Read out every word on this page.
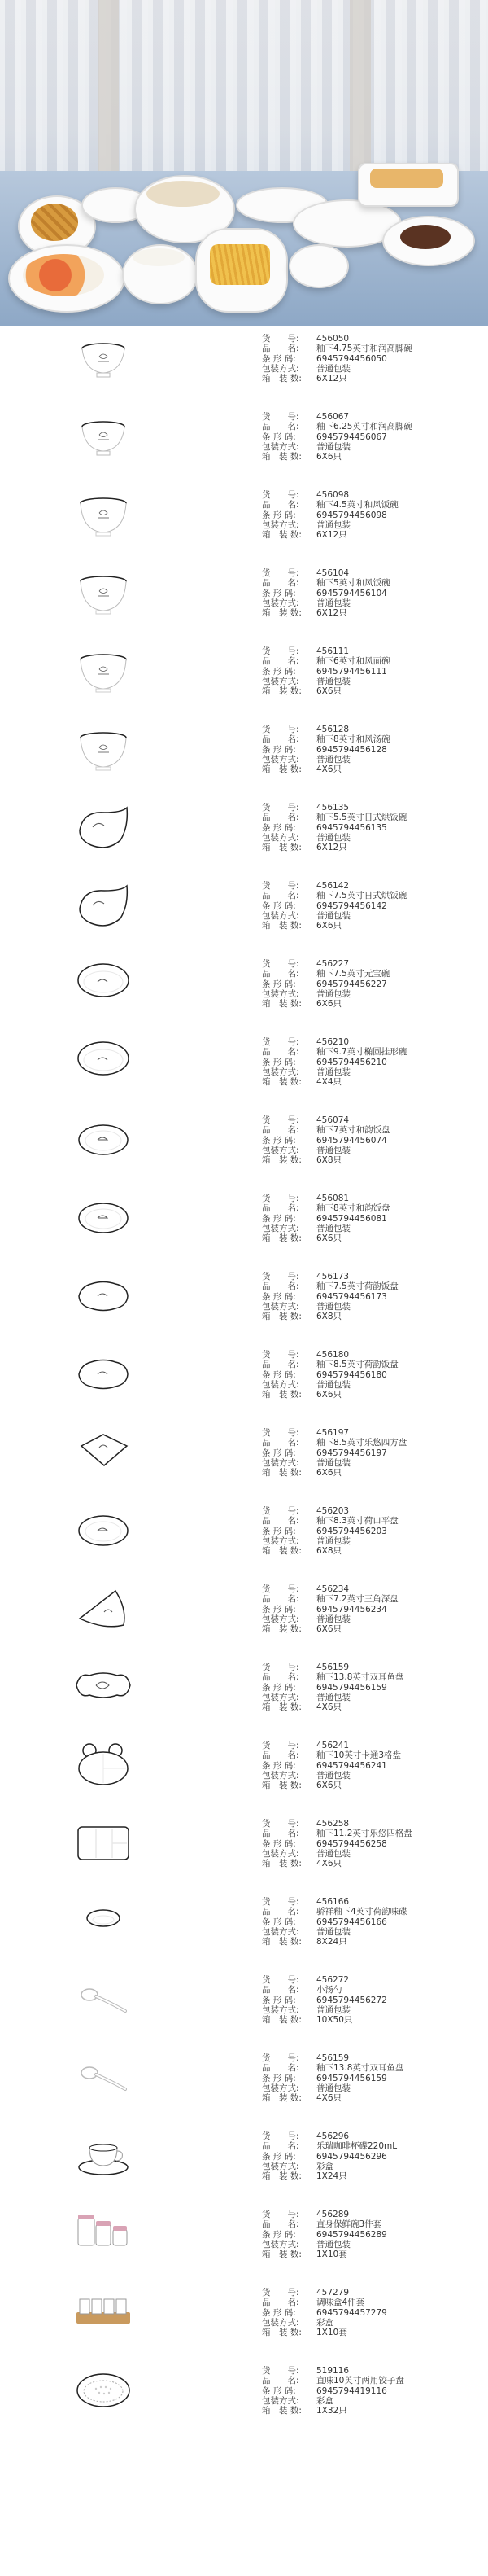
货　　号: 456050
品　　名: 釉下4.75英寸和润高脚碗
条 形 码: 6945794456050
包装方式: 普通包装
箱　装 数: 6X12只
货　　号: 456067
品　　名: 釉下6.25英寸和润高脚碗
条 形 码: 6945794456067
包装方式: 普通包装
箱　装 数: 6X6只
货　　号: 456098
品　　名: 釉下4.5英寸和风饭碗
条 形 码: 6945794456098
包装方式: 普通包装
箱　装 数: 6X12只
货　　号: 456104
品　　名: 釉下5英寸和风饭碗
条 形 码: 6945794456104
包装方式: 普通包装
箱　装 数: 6X12只
货　　号: 456111
品　　名: 釉下6英寸和风面碗
条 形 码: 6945794456111
包装方式: 普通包装
箱　装 数: 6X6只
货　　号: 456128
品　　名: 釉下8英寸和风汤碗
条 形 码: 6945794456128
包装方式: 普通包装
箱　装 数: 4X6只
货　　号: 456135
品　　名: 釉下5.5英寸日式烘饭碗
条 形 码: 6945794456135
包装方式: 普通包装
箱　装 数: 6X12只
货　　号: 456142
品　　名: 釉下7.5英寸日式烘饭碗
条 形 码: 6945794456142
包装方式: 普通包装
箱　装 数: 6X6只
货　　号: 456227
品　　名: 釉下7.5英寸元宝碗
条 形 码: 6945794456227
包装方式: 普通包装
箱　装 数: 6X6只
货　　号: 456210
品　　名: 釉下9.7英寸椭圆挂形碗
条 形 码: 6945794456210
包装方式: 普通包装
箱　装 数: 4X4只
货　　号: 456074
品　　名: 釉下7英寸和韵饭盘
条 形 码: 6945794456074
包装方式: 普通包装
箱　装 数: 6X8只
货　　号: 456081
品　　名: 釉下8英寸和韵饭盘
条 形 码: 6945794456081
包装方式: 普通包装
箱　装 数: 6X6只
货　　号: 456173
品　　名: 釉下7.5英寸荷韵饭盘
条 形 码: 6945794456173
包装方式: 普通包装
箱　装 数: 6X8只
货　　号: 456180
品　　名: 釉下8.5英寸荷韵饭盘
条 形 码: 6945794456180
包装方式: 普通包装
箱　装 数: 6X6只
货　　号: 456197
品　　名: 釉下8.5英寸乐悠四方盘
条 形 码: 6945794456197
包装方式: 普通包装
箱　装 数: 6X6只
货　　号: 456203
品　　名: 釉下8.3英寸荷口平盘
条 形 码: 6945794456203
包装方式: 普通包装
箱　装 数: 6X8只
货　　号: 456234
品　　名: 釉下7.2英寸三角深盘
条 形 码: 6945794456234
包装方式: 普通包装
箱　装 数: 6X6只
货　　号: 456159
品　　名: 釉下13.8英寸双耳鱼盘
条 形 码: 6945794456159
包装方式: 普通包装
箱　装 数: 4X6只
货　　号: 456241
品　　名: 釉下10英寸卡通3格盘
条 形 码: 6945794456241
包装方式: 普通包装
箱　装 数: 6X6只
货　　号: 456258
品　　名: 釉下11.2英寸乐悠四格盘
条 形 码: 6945794456258
包装方式: 普通包装
箱　装 数: 4X6只
货　　号: 456166
品　　名: 骄祥釉下4英寸荷韵味碟
条 形 码: 6945794456166
包装方式: 普通包装
箱　装 数: 8X24只
货　　号: 456272
品　　名: 小汤勺
条 形 码: 6945794456272
包装方式: 普通包装
箱　装 数: 10X50只
货　　号: 456159
品　　名: 釉下13.8英寸双耳鱼盘
条 形 码: 6945794456159
包装方式: 普通包装
箱　装 数: 4X6只
货　　号: 456296
品　　名: 乐瑞咖啡杯碟220mL
条 形 码: 6945794456296
包装方式: 彩盒
箱　装 数: 1X24只
货　　号: 456289
品　　名: 直身保鲜碗3件套
条 形 码: 6945794456289
包装方式: 普通包装
箱　装 数: 1X10套
货　　号: 457279
品　　名: 调味盒4件套
条 形 码: 6945794457279
包装方式: 彩盒
箱　装 数: 1X10套
货　　号: 519116
品　　名: 直味10英寸两用饺子盘
条 形 码: 6945794419116
包装方式: 彩盒
箱　装 数: 1X32只
